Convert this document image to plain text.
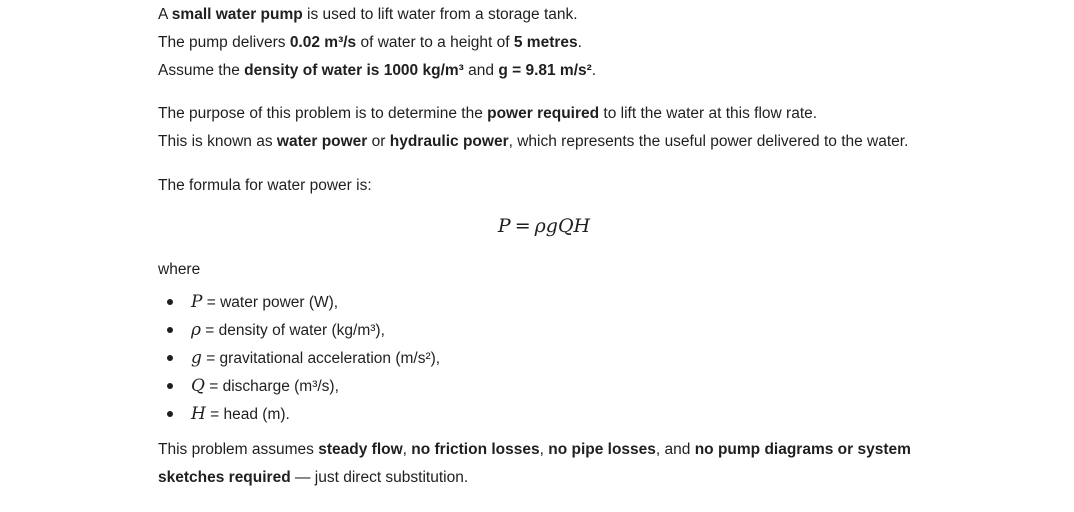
A small water pump is used to lift water from a storage tank.
The pump delivers 0.02 m³/s of water to a height of 5 metres.
Assume the density of water is 1000 kg/m³ and g = 9.81 m/s².
The purpose of this problem is to determine the power required to lift the water at this flow rate.
This is known as water power or hydraulic power, which represents the useful power delivered to the water.
The formula for water power is:
P = ρgQH
where
P = water power (W),
ρ = density of water (kg/m³),
g = gravitational acceleration (m/s²),
Q = discharge (m³/s),
H = head (m).
This problem assumes steady flow, no friction losses, no pipe losses, and no pump diagrams or system sketches required — just direct substitution.
